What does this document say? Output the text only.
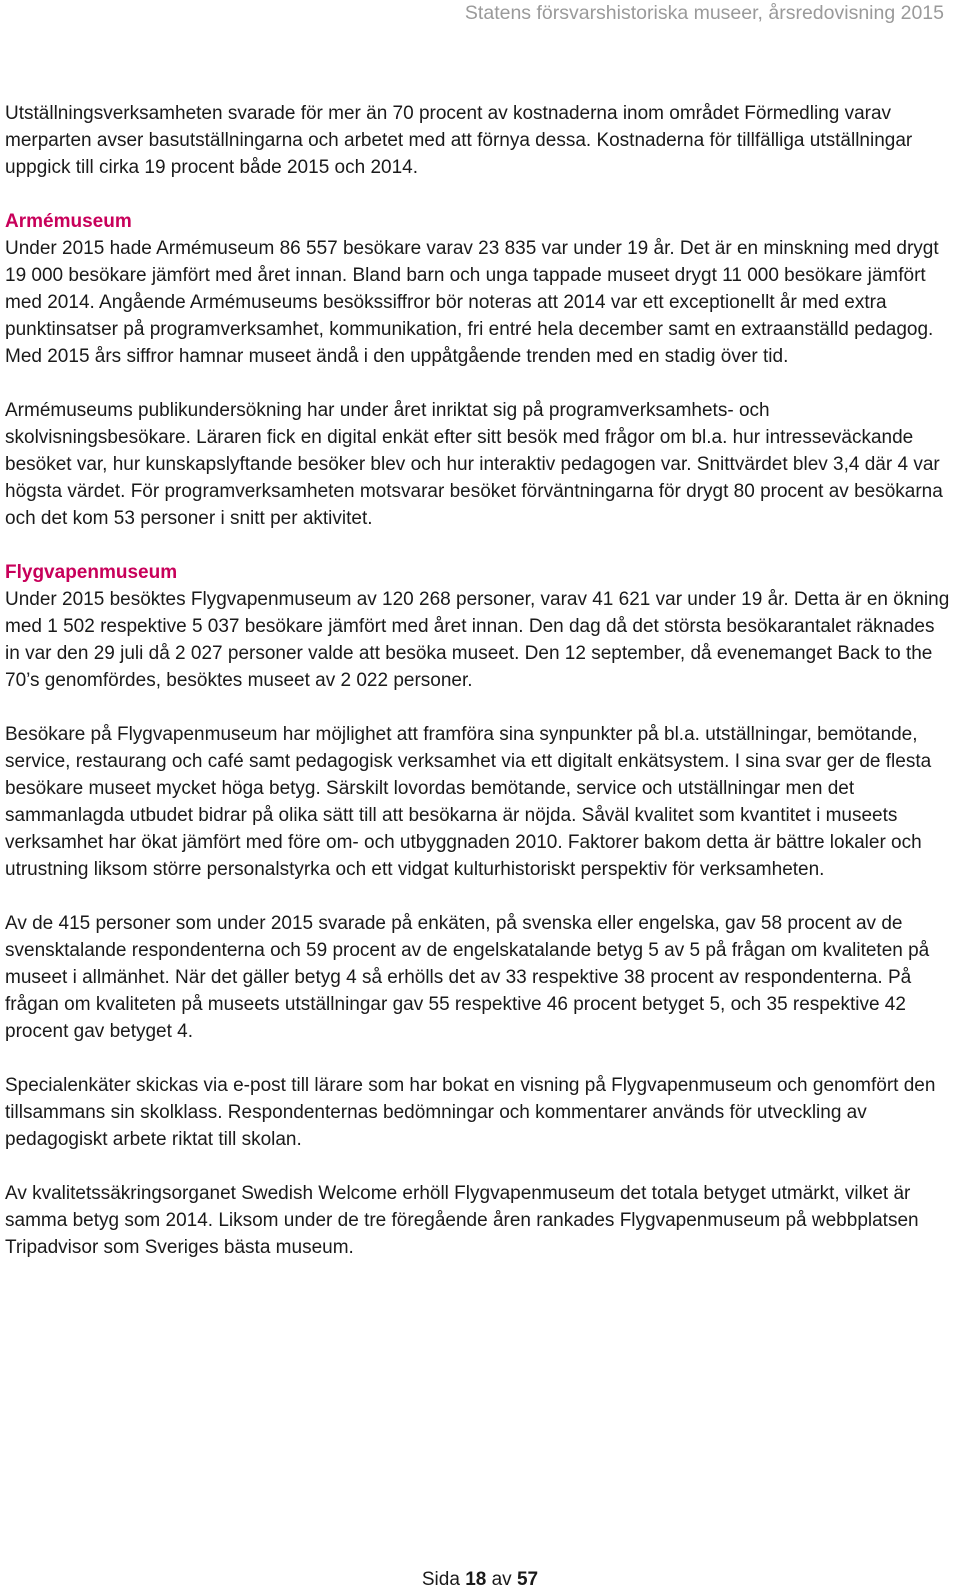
Statens försvarshistoriska museer, årsredovisning 2015

Utställningsverksamheten svarade för mer än 70 procent av kostnaderna inom området Förmedling varav merparten avser basutställningarna och arbetet med att förnya dessa. Kostnaderna för tillfälliga utställningar uppgick till cirka 19 procent både 2015 och 2014.

Armémuseum

Under 2015 hade Armémuseum 86 557 besökare varav 23 835 var under 19 år. Det är en minskning med drygt 19 000 besökare jämfört med året innan. Bland barn och unga tappade museet drygt 11 000 besökare jämfört med 2014. Angående Armémuseums besökssiffror bör noteras att 2014 var ett exceptionellt år med extra punktinsatser på programverksamhet, kommunikation, fri entré hela december samt en extraanställd pedagog. Med 2015 års siffror hamnar museet ändå i den uppåtgående trenden med en stadig över tid.

Armémuseums publikundersökning har under året inriktat sig på programverksamhets- och skolvisningsbesökare. Läraren fick en digital enkät efter sitt besök med frågor om bl.a. hur intresseväckande besöket var, hur kunskapslyftande besöker blev och hur interaktiv pedagogen var. Snittvärdet blev 3,4 där 4 var högsta värdet. För programverksamheten motsvarar besöket förväntningarna för drygt 80 procent av besökarna och det kom 53 personer i snitt per aktivitet.

Flygvapenmuseum

Under 2015 besöktes Flygvapenmuseum av 120 268 personer, varav 41 621 var under 19 år. Detta är en ökning med 1 502 respektive 5 037 besökare jämfört med året innan. Den dag då det största besökarantalet räknades in var den 29 juli då 2 027 personer valde att besöka museet. Den 12 september, då evenemanget Back to the 70’s genomfördes, besöktes museet av 2 022 personer.

Besökare på Flygvapenmuseum har möjlighet att framföra sina synpunkter på bl.a. utställningar, bemötande, service, restaurang och café samt pedagogisk verksamhet via ett digitalt enkätsystem. I sina svar ger de flesta besökare museet mycket höga betyg. Särskilt lovordas bemötande, service och utställningar men det sammanlagda utbudet bidrar på olika sätt till att besökarna är nöjda. Såväl kvalitet som kvantitet i museets verksamhet har ökat jämfört med före om- och utbyggnaden 2010. Faktorer bakom detta är bättre lokaler och utrustning liksom större personalstyrka och ett vidgat kulturhistoriskt perspektiv för verksamheten.

Av de 415 personer som under 2015 svarade på enkäten, på svenska eller engelska, gav 58 procent av de svensktalande respondenterna och 59 procent av de engelskatalande betyg 5 av 5 på frågan om kvaliteten på museet i allmänhet. När det gäller betyg 4 så erhölls det av 33 respektive 38 procent av respondenterna. På frågan om kvaliteten på museets utställningar gav 55 respektive 46 procent betyget 5, och 35 respektive 42 procent gav betyget 4.

Specialenkäter skickas via e-post till lärare som har bokat en visning på Flygvapenmuseum och genomfört den tillsammans sin skolklass. Respondenternas bedömningar och kommentarer används för utveckling av pedagogiskt arbete riktat till skolan.

Av kvalitetssäkringsorganet Swedish Welcome erhöll Flygvapenmuseum det totala betyget utmärkt, vilket är samma betyg som 2014. Liksom under de tre föregående åren rankades Flygvapenmuseum på webbplatsen Tripadvisor som Sveriges bästa museum.

Sida 18 av 57
